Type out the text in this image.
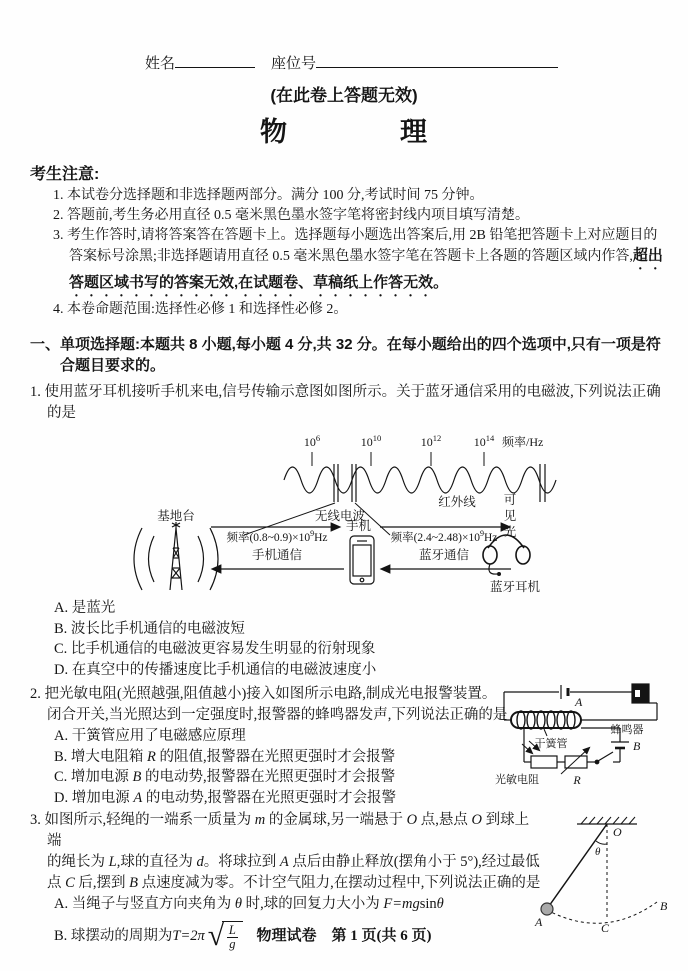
姓名	座位号
(在此卷上答题无效)
物　　　　理
考生注意:
1. 本试卷分选择题和非选择题两部分。满分 100 分,考试时间 75 分钟。
2. 答题前,考生务必用直径 0.5 毫米黑色墨水签字笔将密封线内项目填写清楚。
3. 考生作答时,请将答案答在答题卡上。选择题每小题选出答案后,用 2B 铅笔把答题卡上对应题目的答案标号涂黑;非选择题请用直径 0.5 毫米黑色墨水签字笔在答题卡上各题的答题区域内作答,超出答题区域书写的答案无效,在试题卷、草稿纸上作答无效。
4. 本卷命题范围:选择性必修 1 和选择性必修 2。
一、单项选择题:本题共 8 小题,每小题 4 分,共 32 分。在每小题给出的四个选项中,只有一项是符合题目要求的。
1. 使用蓝牙耳机接听手机来电,信号传输示意图如图所示。关于蓝牙通信采用的电磁波,下列说法正确的是
$10^6$	$10^{10}$	$10^{12}$	$10^{14}$ 频率/Hz
无线电波
红外线 可
见
光
基地台
频率$(0.8\sim 0.9)\times 10^9Hz$
手机通信
手机
频率$(2.4\sim 2.48)\times 10^9Hz$
蓝牙通信
蓝牙耳机
A. 是蓝光
B. 波长比手机通信的电磁波短
C. 比手机通信的电磁波更容易发生明显的衍射现象
D. 在真空中的传播速度比手机通信的电磁波速度小
2. 把光敏电阻(光照越强,阻值越小)接入如图所示电路,制成光电报警装置。
闭合开关,当光照达到一定强度时,报警器的蜂鸣器发声,下列说法正确的是
A. 干簧管应用了电磁感应原理
B. 增大电阻箱 R 的阻值,报警器在光照更强时才会报警
C. 增加电源 B 的电动势,报警器在光照更强时才会报警
D. 增加电源 A 的电动势,报警器在光照更强时才会报警
A
蜂鸣器
干簧管
光敏电阻	R
B
3. 如图所示,轻绳的一端系一质量为 m 的金属球,另一端悬于 O 点,悬点 O 到球上端
的绳长为 L,球的直径为 d。将球拉到 A 点后由静止释放(摆角小于 5°),经过最低
点 C 后,摆到 B 点速度减为零。不计空气阻力,在摆动过程中,下列说法正确的是
A. 当绳子与竖直方向夹角为 θ 时,球的回复力大小为 F=mgsinθ
B. 球摆动的周期为 T=2π √
$\frac{L}{g}$
O
θ
A
B
C
物理试卷　第 1 页(共 6 页)
